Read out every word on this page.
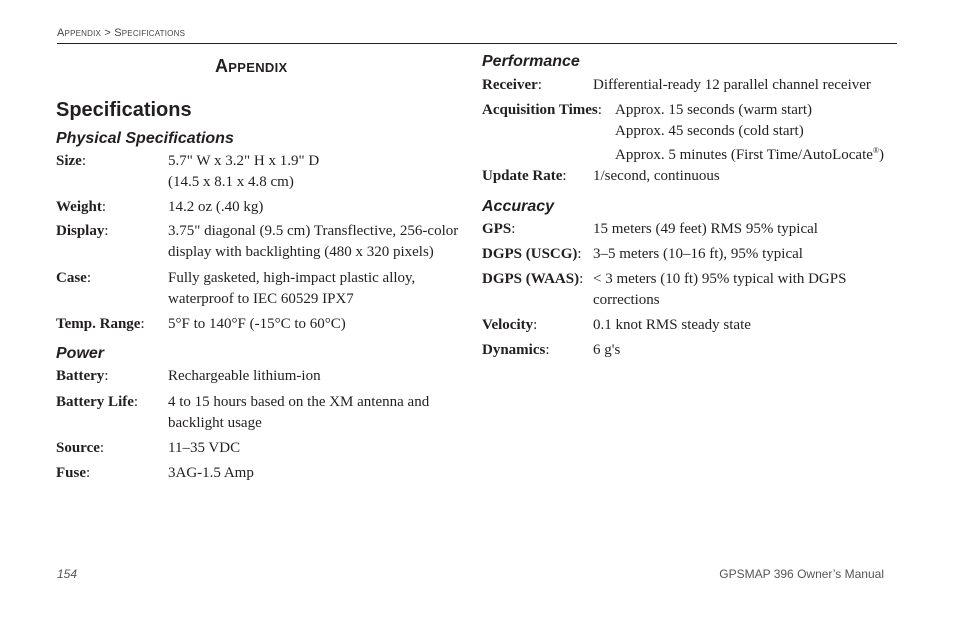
Appendix > Specifications
Appendix
Specifications
Physical Specifications
Size:	5.7" W x 3.2" H x 1.9" D
(14.5 x 8.1 x 4.8 cm)
Weight:	14.2 oz (.40 kg)
Display:	3.75" diagonal (9.5 cm) Transflective, 256-color
display with backlighting (480 x 320 pixels)
Case:	Fully gasketed, high-impact plastic alloy,
waterproof to IEC 60529 IPX7
Temp. Range: 5°F to 140°F (-15°C to 60°C)
Power
Battery:	Rechargeable lithium-ion
Battery Life: 4 to 15 hours based on the XM antenna and
backlight usage
Source:	11–35 VDC
Fuse:	3AG-1.5 Amp
Performance
Receiver:	Differential-ready 12 parallel channel receiver
Acquisition Times: Approx. 15 seconds (warm start)
Approx. 45 seconds (cold start)
Approx. 5 minutes (First Time/AutoLocate®)
Update Rate: 1/second, continuous
Accuracy
GPS:	15 meters (49 feet) RMS 95% typical
DGPS (USCG): 3–5 meters (10–16 ft), 95% typical
DGPS (WAAS): < 3 meters (10 ft) 95% typical with DGPS
corrections
Velocity:	0.1 knot RMS steady state
Dynamics:	6 g's
154	GPSMAP 396 Owner’s Manual
